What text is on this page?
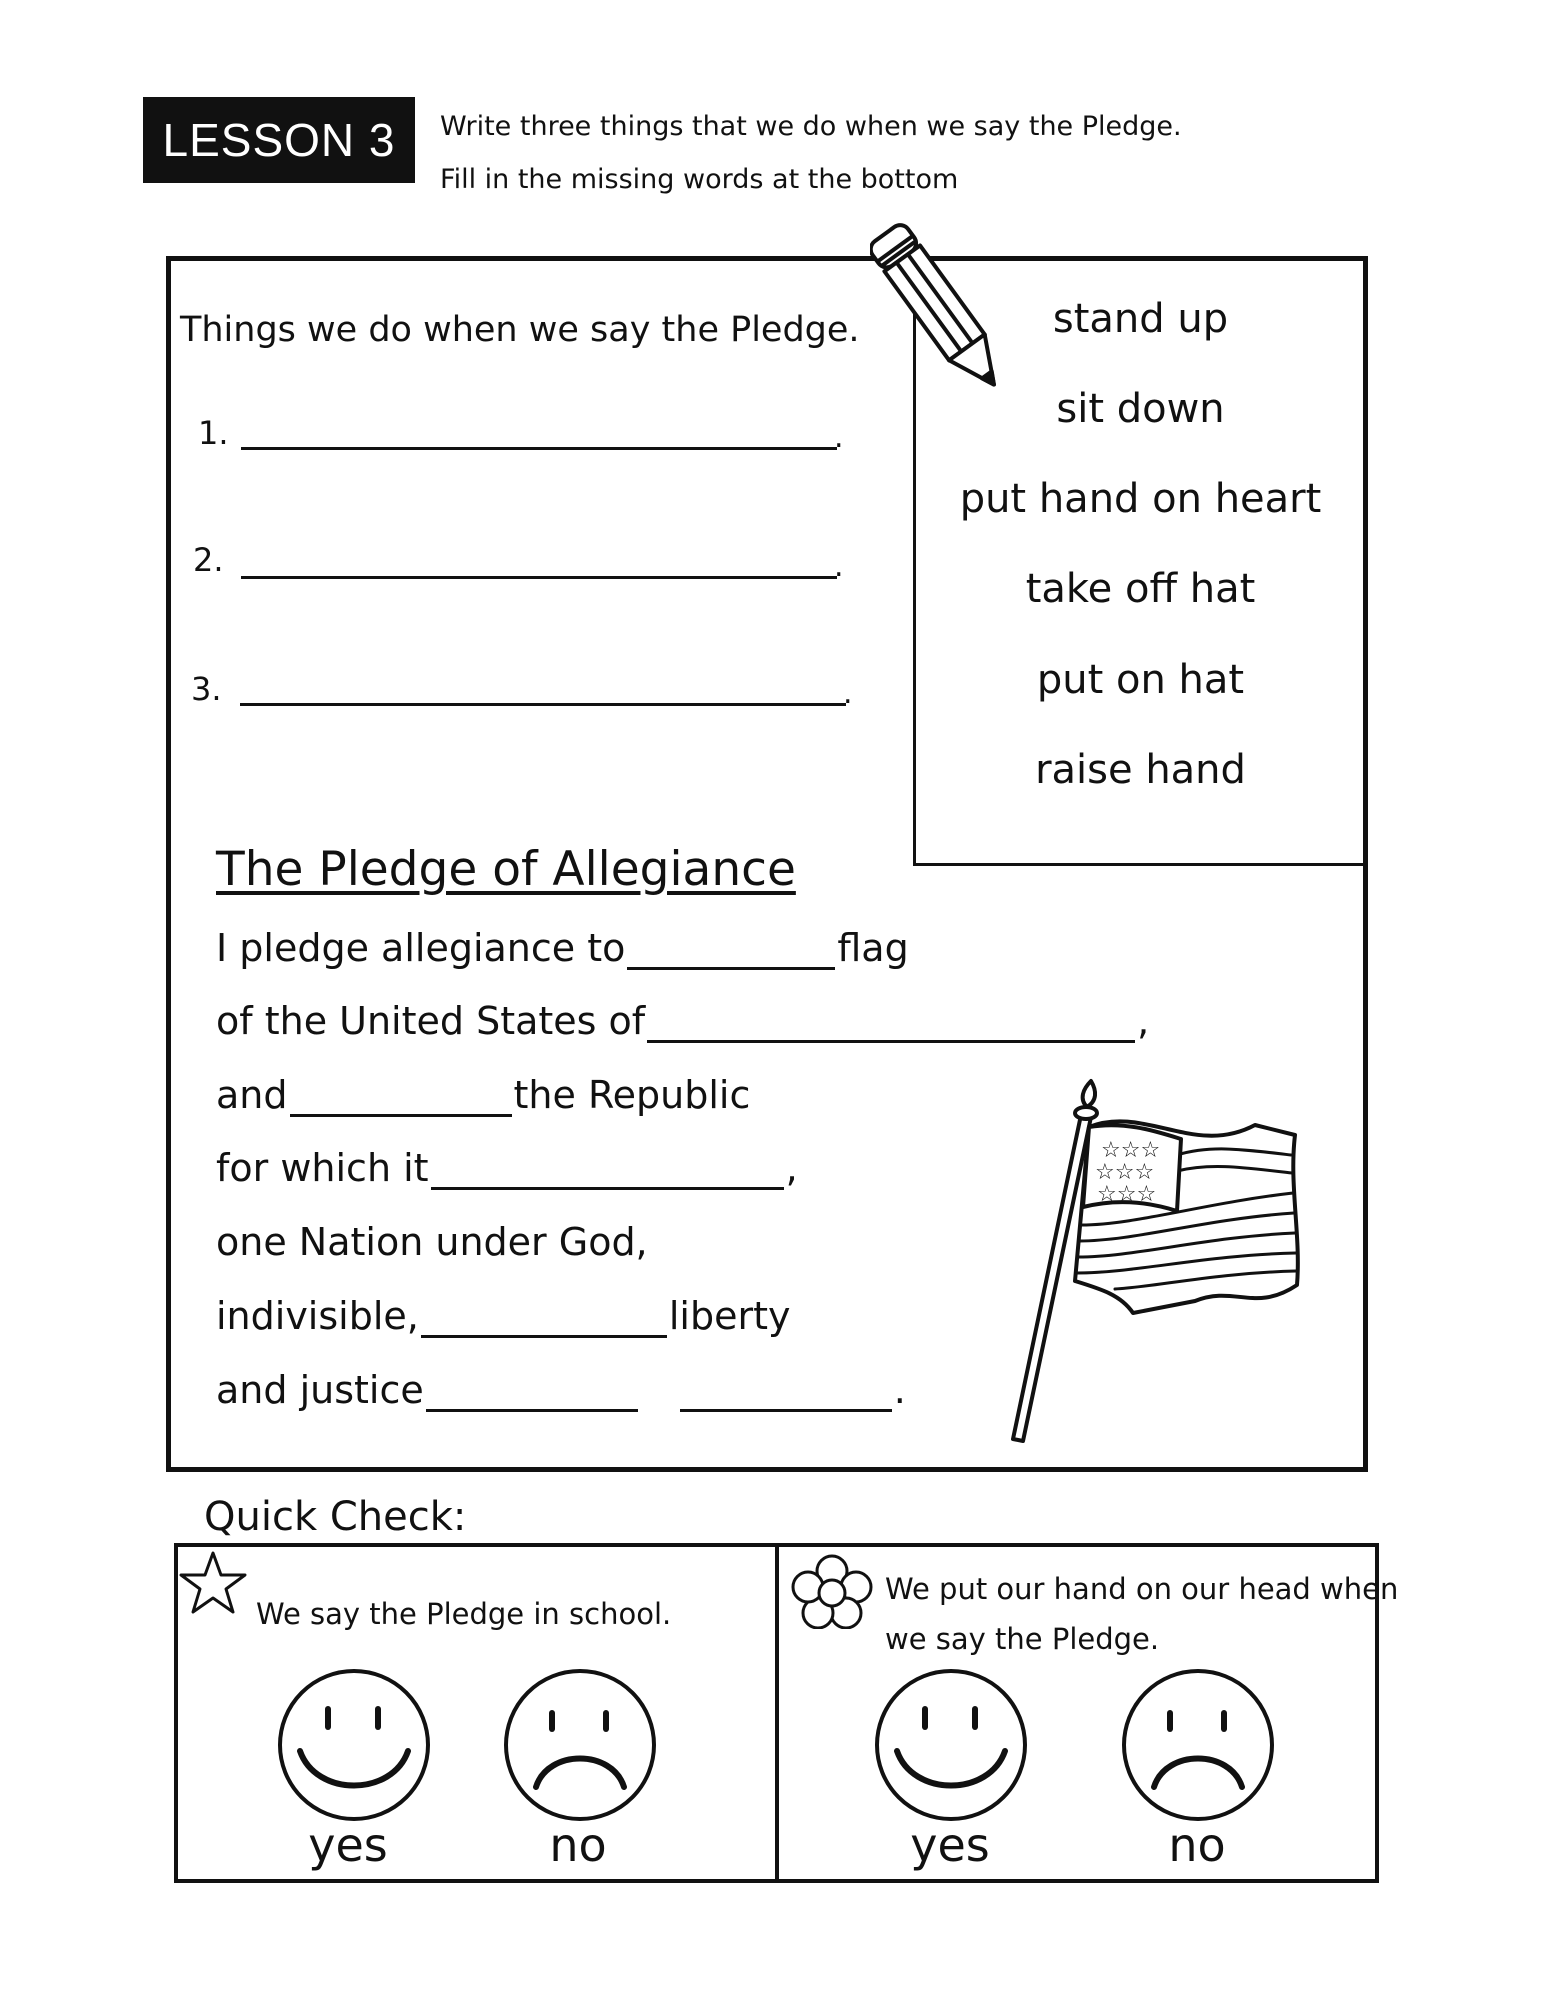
LESSON 3	Write three things that we do when we say the Pledge.
Fill in the missing words at the bottom
stand up
sit down
put hand on heart
take off hat
put on hat
raise hand
Things we do when we say the Pledge.
1.	.
2.	.
3.	.
The Pledge of Allegiance
I pledge allegiance to	flag
of the United States of	,
and	the Republic
for which it	,
one Nation under God,
indivisible,	liberty
and justice	.
☆☆☆
☆☆☆
☆☆☆
Quick Check:
We say the Pledge in school.
yes	no
We put our hand on our head when
we say the Pledge.
yes	no
